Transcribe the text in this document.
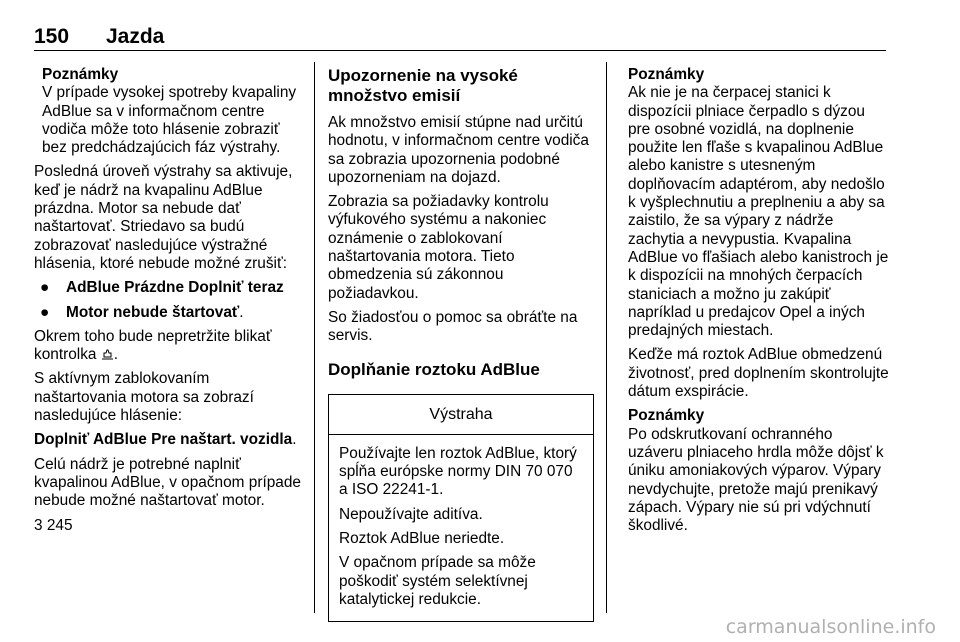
150 Jazda
Poznámky
V prípade vysokej spotreby kvapaliny AdBlue sa v informačnom centre vodiča môže toto hlásenie zobraziť bez predchádzajúcich fáz výstrahy.

Posledná úroveň výstrahy sa aktivuje, keď je nádrž na kvapalinu AdBlue prázdna. Motor sa nebude dať naštartovať. Striedavo sa budú zobrazovať nasledujúce výstražné hlásenia, ktoré nebude možné zrušiť:

● AdBlue Prázdne Doplniť teraz
● Motor nebude štartovať.

Okrem toho bude nepretržite blikať kontrolka .

S aktívnym zablokovaním naštartovania motora sa zobrazí nasledujúce hlásenie:

Doplniť AdBlue Pre naštart. vozidla.

Celú nádrž je potrebné naplniť kvapalinou AdBlue, v opačnom prípade nebude možné naštartovať motor.

3 245

Upozornenie na vysoké množstvo emisií

Ak množstvo emisií stúpne nad určitú hodnotu, v informačnom centre vodiča sa zobrazia upozornenia podobné upozorneniam na dojazd.

Zobrazia sa požiadavky kontrolu výfukového systému a nakoniec oznámenie o zablokovaní naštartovania motora. Tieto obmedzenia sú zákonnou požiadavkou.

So žiadosťou o pomoc sa obráťte na servis.

Doplňanie roztoku AdBlue
Výstraha

Používajte len roztok AdBlue, ktorý spĺňa európske normy DIN 70 070 a ISO 22241-1.

Nepoužívajte aditíva.

Roztok AdBlue neriedte.

V opačnom prípade sa môže poškodiť systém selektívnej katalytickej redukcie.

Poznámky
Ak nie je na čerpacej stanici k dispozícii plniace čerpadlo s dýzou pre osobné vozidlá, na doplnenie použite len fľaše s kvapalinou AdBlue alebo kanistre s utesneným doplňovacím adaptérom, aby nedošlo k vyšplechnutiu a preplneniu a aby sa zaistilo, že sa výpary z nádrže zachytia a nevypustia. Kvapalina AdBlue vo fľašiach alebo kanistroch je k dispozícii na mnohých čerpacích staniciach a možno ju zakúpiť napríklad u predajcov Opel a iných predajných miestach.

Keďže má roztok AdBlue obmedzenú životnosť, pred doplnením skontrolujte dátum exspirácie.

Poznámky
Po odskrutkovaní ochranného uzáveru plniaceho hrdla môže dôjsť k úniku amoniakových výparov. Výpary nevdychujte, pretože majú prenikavý zápach. Výpary nie sú pri vdýchnutí škodlivé.
carmanualsonline.info
